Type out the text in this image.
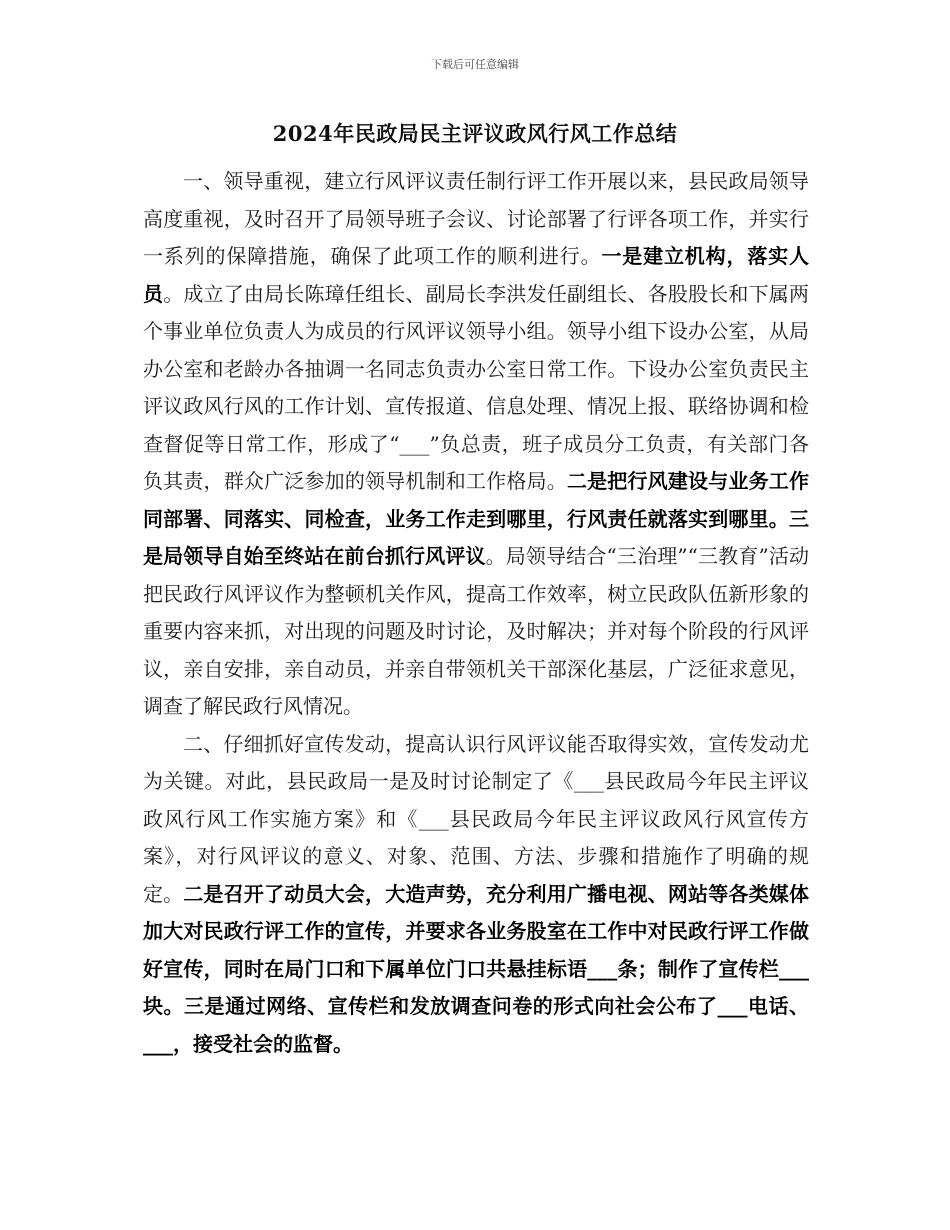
下载后可任意编辑
2024年民政局民主评议政风行风工作总结

一、领导重视，建立行风评议责任制行评工作开展以来，县民政局领导高度重视，及时召开了局领导班子会议、讨论部署了行评各项工作，并实行一系列的保障措施，确保了此项工作的顺利进行。一是建立机构，落实人员。成立了由局长陈璋任组长、副局长李洪发任副组长、各股股长和下属两个事业单位负责人为成员的行风评议领导小组。领导小组下设办公室，从局办公室和老龄办各抽调一名同志负责办公室日常工作。下设办公室负责民主评议政风行风的工作计划、宣传报道、信息处理、情况上报、联络协调和检查督促等日常工作，形成了“___”负总责，班子成员分工负责，有关部门各负其责，群众广泛参加的领导机制和工作格局。二是把行风建设与业务工作同部署、同落实、同检查，业务工作走到哪里，行风责任就落实到哪里。三是局领导自始至终站在前台抓行风评议。局领导结合“三治理”“三教育”活动把民政行风评议作为整顿机关作风，提高工作效率，树立民政队伍新形象的重要内容来抓，对出现的问题及时讨论，及时解决；并对每个阶段的行风评议，亲自安排，亲自动员，并亲自带领机关干部深化基层，广泛征求意见，调查了解民政行风情况。

二、仔细抓好宣传发动，提高认识行风评议能否取得实效，宣传发动尤为关键。对此，县民政局一是及时讨论制定了《___县民政局今年民主评议政风行风工作实施方案》和《___县民政局今年民主评议政风行风宣传方案》，对行风评议的意义、对象、范围、方法、步骤和措施作了明确的规定。二是召开了动员大会，大造声势，充分利用广播电视、网站等各类媒体加大对民政行评工作的宣传，并要求各业务股室在工作中对民政行评工作做好宣传，同时在局门口和下属单位门口共悬挂标语___条；制作了宣传栏___块。三是通过网络、宣传栏和发放调查问卷的形式向社会公布了___电话、___，接受社会的监督。
